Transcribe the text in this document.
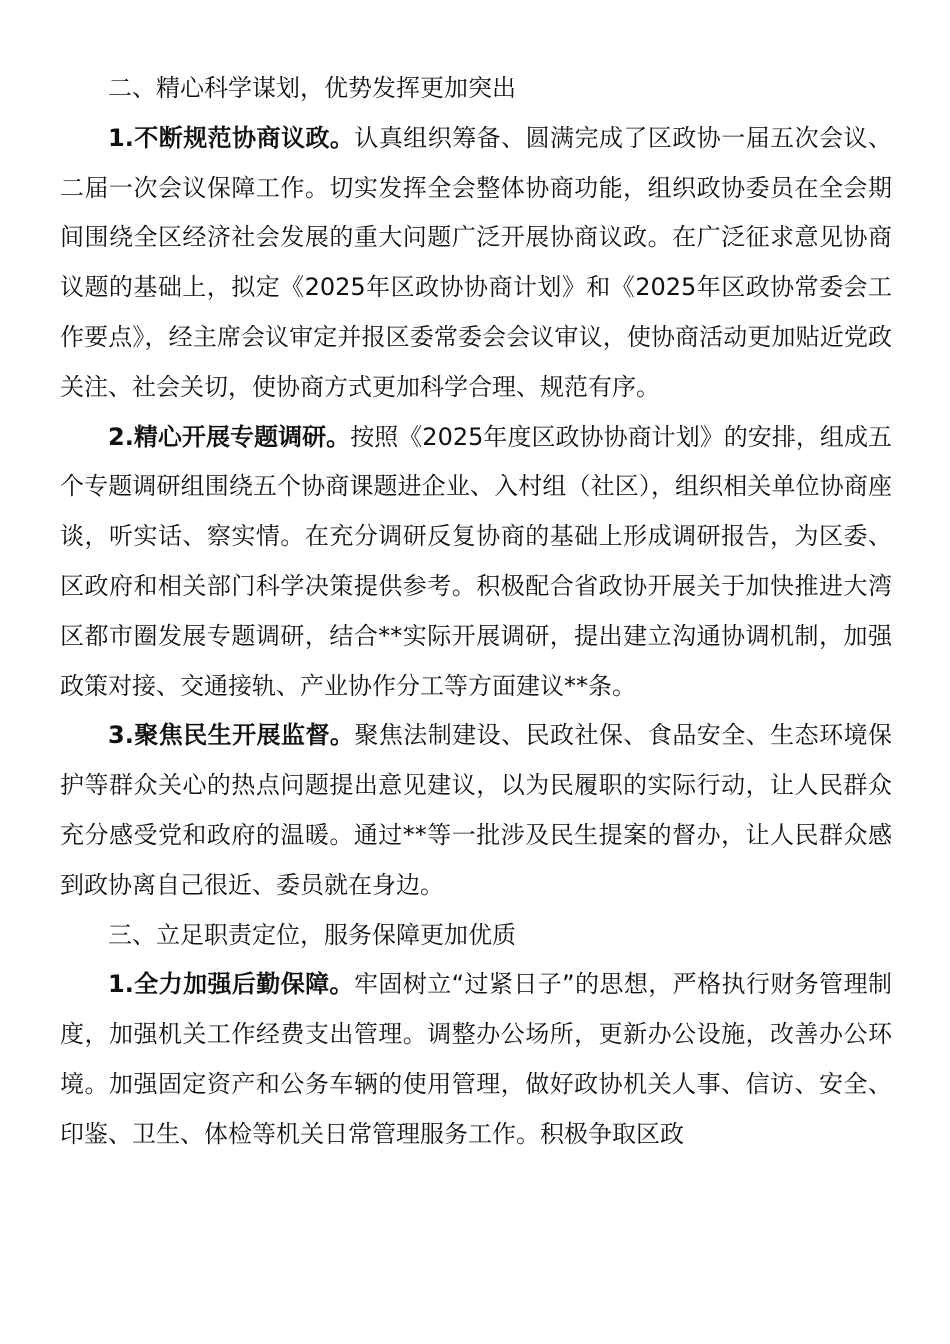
二、精心科学谋划，优势发挥更加突出

1.不断规范协商议政。认真组织筹备、圆满完成了区政协一届五次会议、二届一次会议保障工作。切实发挥全会整体协商功能，组织政协委员在全会期间围绕全区经济社会发展的重大问题广泛开展协商议政。在广泛征求意见协商议题的基础上，拟定《2025年区政协协商计划》和《2025年区政协常委会工作要点》，经主席会议审定并报区委常委会会议审议，使协商活动更加贴近党政关注、社会关切，使协商方式更加科学合理、规范有序。

2.精心开展专题调研。按照《2025年度区政协协商计划》的安排，组成五个专题调研组围绕五个协商课题进企业、入村组（社区），组织相关单位协商座谈，听实话、察实情。在充分调研反复协商的基础上形成调研报告，为区委、区政府和相关部门科学决策提供参考。积极配合省政协开展关于加快推进大湾区都市圈发展专题调研，结合**实际开展调研，提出建立沟通协调机制，加强政策对接、交通接轨、产业协作分工等方面建议**条。

3.聚焦民生开展监督。聚焦法制建设、民政社保、食品安全、生态环境保护等群众关心的热点问题提出意见建议，以为民履职的实际行动，让人民群众充分感受党和政府的温暖。通过**等一批涉及民生提案的督办，让人民群众感到政协离自己很近、委员就在身边。

三、立足职责定位，服务保障更加优质

1.全力加强后勤保障。牢固树立“过紧日子”的思想，严格执行财务管理制度，加强机关工作经费支出管理。调整办公场所，更新办公设施，改善办公环境。加强固定资产和公务车辆的使用管理，做好政协机关人事、信访、安全、印鉴、卫生、体检等机关日常管理服务工作。积极争取区政
